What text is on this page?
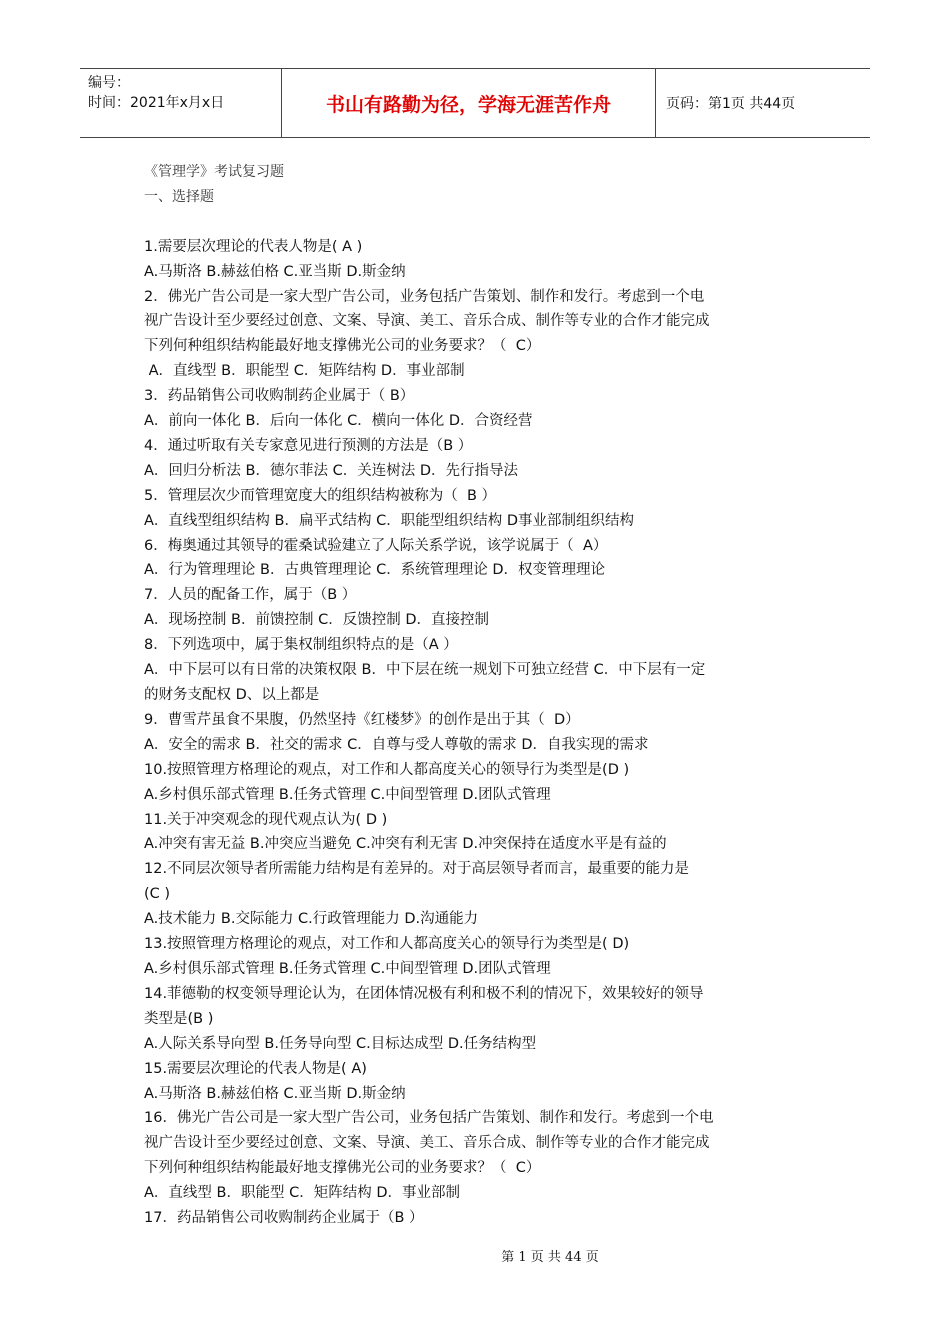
编号：
时间：2021年x月x日	书山有路勤为径，学海无涯苦作舟	页码：第1页 共44页

《管理学》考试复习题

一、选择题

1.需要层次理论的代表人物是( A )

A.马斯洛 B.赫兹伯格 C.亚当斯 D.斯金纳

2．佛光广告公司是一家大型广告公司，业务包括广告策划、制作和发行。考虑到一个电

视广告设计至少要经过创意、文案、导演、美工、音乐合成、制作等专业的合作才能完成

下列何种组织结构能最好地支撑佛光公司的业务要求？（  C）

A．直线型 B．职能型 C．矩阵结构 D．事业部制

3．药品销售公司收购制药企业属于（ B）

A．前向一体化 B．后向一体化 C．横向一体化 D．合资经营

4．通过听取有关专家意见进行预测的方法是（B ）

A．回归分析法 B．德尔菲法 C．关连树法 D．先行指导法

5．管理层次少而管理宽度大的组织结构被称为（  B ）

A．直线型组织结构 B．扁平式结构 C．职能型组织结构 D事业部制组织结构

6．梅奥通过其领导的霍桑试验建立了人际关系学说，该学说属于（  A）

A．行为管理理论 B．古典管理理论 C．系统管理理论 D．权变管理理论

7．人员的配备工作，属于（B ）

A．现场控制 B．前馈控制 C．反馈控制 D．直接控制

8．下列选项中，属于集权制组织特点的是（A ）

A．中下层可以有日常的决策权限 B．中下层在统一规划下可独立经营 C．中下层有一定

的财务支配权 D、以上都是

9．曹雪芹虽食不果腹，仍然坚持《红楼梦》的创作是出于其（  D）

A．安全的需求 B．社交的需求 C．自尊与受人尊敬的需求 D．自我实现的需求

10.按照管理方格理论的观点，对工作和人都高度关心的领导行为类型是(D )

A.乡村俱乐部式管理 B.任务式管理 C.中间型管理 D.团队式管理

11.关于冲突观念的现代观点认为( D )

A.冲突有害无益 B.冲突应当避免 C.冲突有利无害 D.冲突保持在适度水平是有益的

12.不同层次领导者所需能力结构是有差异的。对于高层领导者而言，最重要的能力是

(C )

A.技术能力 B.交际能力 C.行政管理能力 D.沟通能力

13.按照管理方格理论的观点，对工作和人都高度关心的领导行为类型是( D)

A.乡村俱乐部式管理 B.任务式管理 C.中间型管理 D.团队式管理

14.菲德勒的权变领导理论认为，在团体情况极有利和极不利的情况下，效果较好的领导

类型是(B )

A.人际关系导向型 B.任务导向型 C.目标达成型 D.任务结构型

15.需要层次理论的代表人物是( A)

A.马斯洛 B.赫兹伯格 C.亚当斯 D.斯金纳

16．佛光广告公司是一家大型广告公司，业务包括广告策划、制作和发行。考虑到一个电

视广告设计至少要经过创意、文案、导演、美工、音乐合成、制作等专业的合作才能完成

下列何种组织结构能最好地支撑佛光公司的业务要求？（  C）

A．直线型 B．职能型 C．矩阵结构 D．事业部制

17．药品销售公司收购制药企业属于（B ）

第 1 页 共 44 页
